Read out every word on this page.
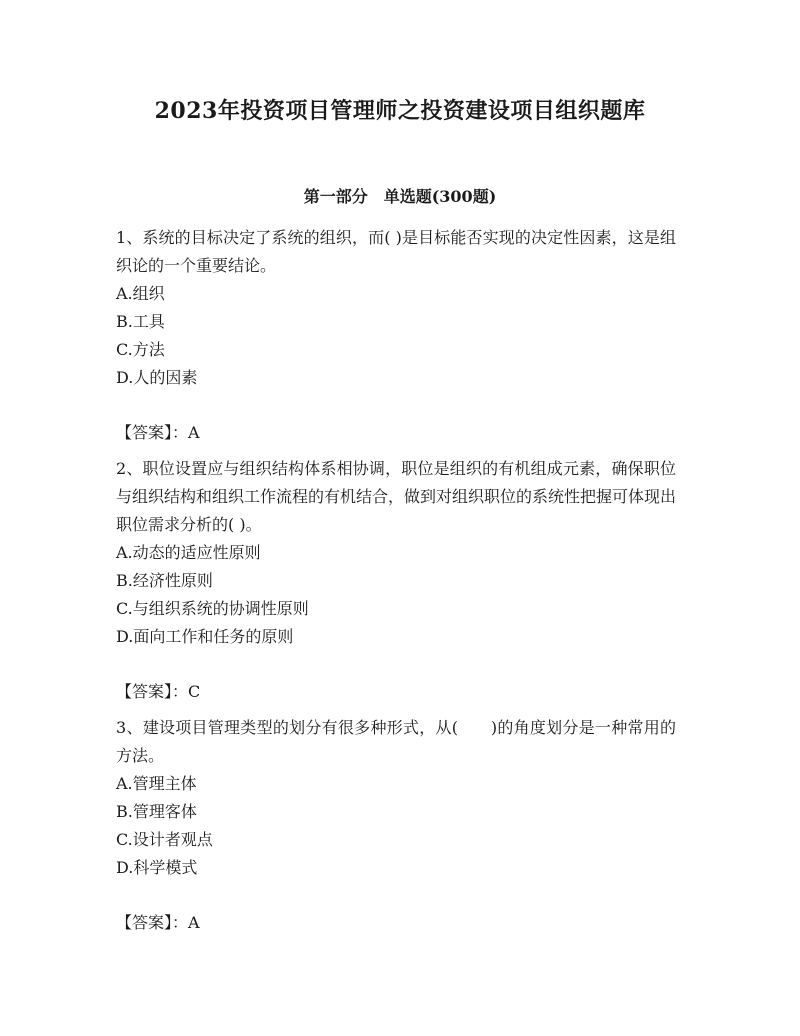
2023年投资项目管理师之投资建设项目组织题库
第一部分　单选题(300题)

1、系统的目标决定了系统的组织，而( )是目标能否实现的决定性因素，这是组织论的一个重要结论。

A.组织
B.工具
C.方法
D.人的因素

【答案】：A

2、职位设置应与组织结构体系相协调，职位是组织的有机组成元素，确保职位与组织结构和组织工作流程的有机结合，做到对组织职位的系统性把握可体现出职位需求分析的( )。

A.动态的适应性原则
B.经济性原则
C.与组织系统的协调性原则
D.面向工作和任务的原则

【答案】：C

3、建设项目管理类型的划分有很多种形式，从(　　)的角度划分是一种常用的方法。

A.管理主体
B.管理客体
C.设计者观点
D.科学模式

【答案】：A
